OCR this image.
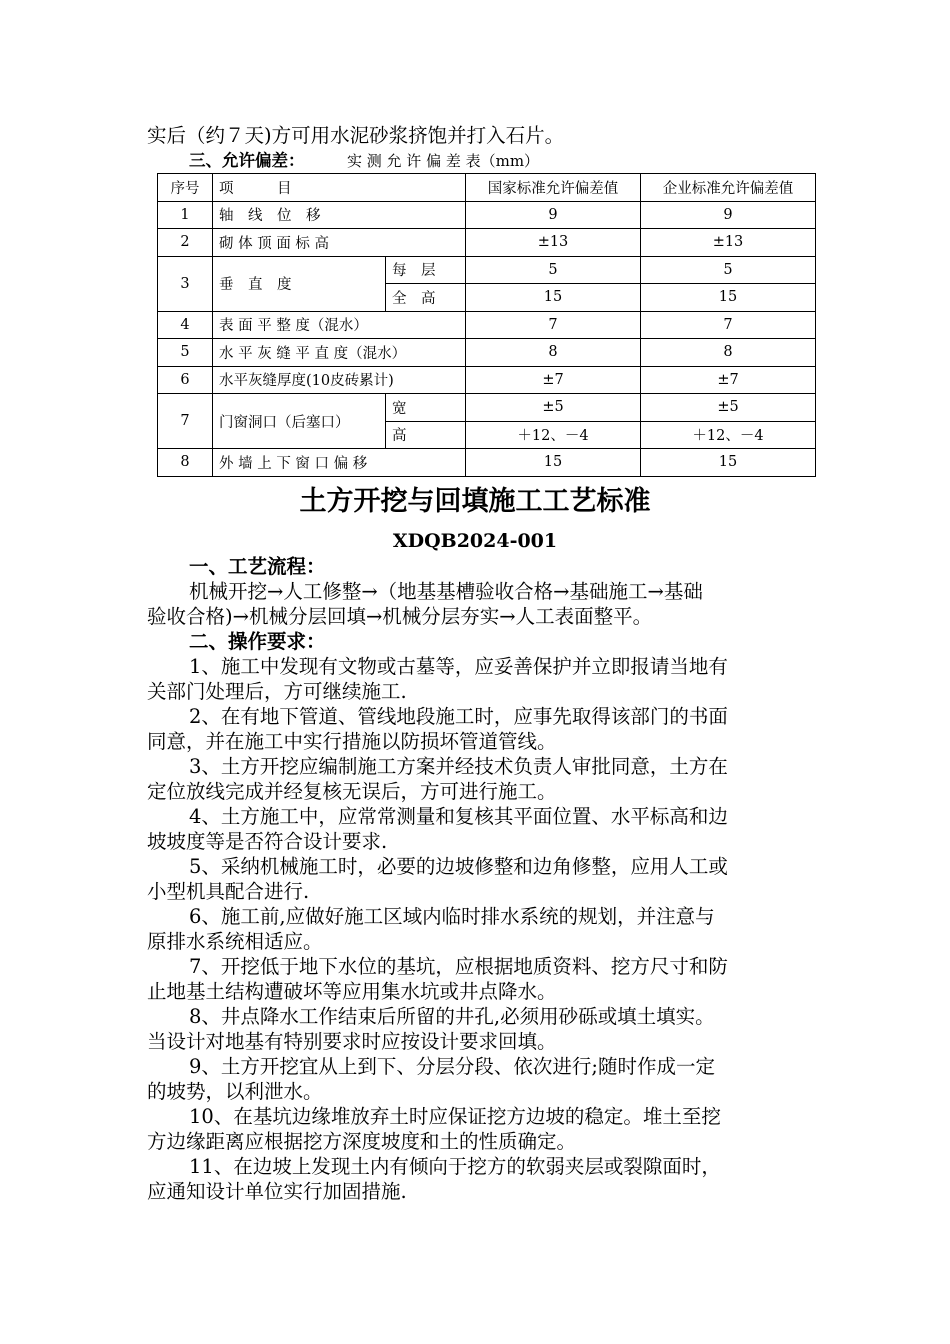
实后（约７天)方可用水泥砂浆挤饱并打入石片。
三、允许偏差：	实 测 允 许 偏 差 表（mm）
序号	项　　　目		国家标准允许偏差值	企业标准允许偏差值
1	轴　线　位　移		9	9
2	砌 体 顶 面 标 高		±13	±13
3	垂　直　度	每　层	5	5
		全　高	15	15
4	表 面 平 整 度（混水）		7	7
5	水 平 灰 缝 平 直 度（混水）		8	8
6	水平灰缝厚度(10皮砖累计)		±7	±7
7	门窗洞口（后塞口）	宽	±5	±5
		高	＋12、－4	＋12、－4
8	外 墙 上 下 窗 口 偏 移		15	15
土方开挖与回填施工工艺标准
XDQB2024-001
一、工艺流程：
机械开挖→人工修整→（地基基槽验收合格→基础施工→基础
验收合格)→机械分层回填→机械分层夯实→人工表面整平。
二、操作要求：
1、施工中发现有文物或古墓等，应妥善保护并立即报请当地有
关部门处理后，方可继续施工.
2、在有地下管道、管线地段施工时，应事先取得该部门的书面
同意，并在施工中实行措施以防损坏管道管线。
3、土方开挖应编制施工方案并经技术负责人审批同意，土方在
定位放线完成并经复核无误后，方可进行施工。
4、土方施工中，应常常测量和复核其平面位置、水平标高和边
坡坡度等是否符合设计要求.
5、采纳机械施工时，必要的边坡修整和边角修整，应用人工或
小型机具配合进行.
6、施工前,应做好施工区域内临时排水系统的规划，并注意与
原排水系统相适应。
7、开挖低于地下水位的基坑，应根据地质资料、挖方尺寸和防
止地基土结构遭破坏等应用集水坑或井点降水。
8、井点降水工作结束后所留的井孔,必须用砂砾或填土填实。
当设计对地基有特别要求时应按设计要求回填。
9、土方开挖宜从上到下、分层分段、依次进行;随时作成一定
的坡势，以利泄水。
10、在基坑边缘堆放弃土时应保证挖方边坡的稳定。堆土至挖
方边缘距离应根据挖方深度坡度和土的性质确定。
11、在边坡上发现土内有倾向于挖方的软弱夹层或裂隙面时，
应通知设计单位实行加固措施.
